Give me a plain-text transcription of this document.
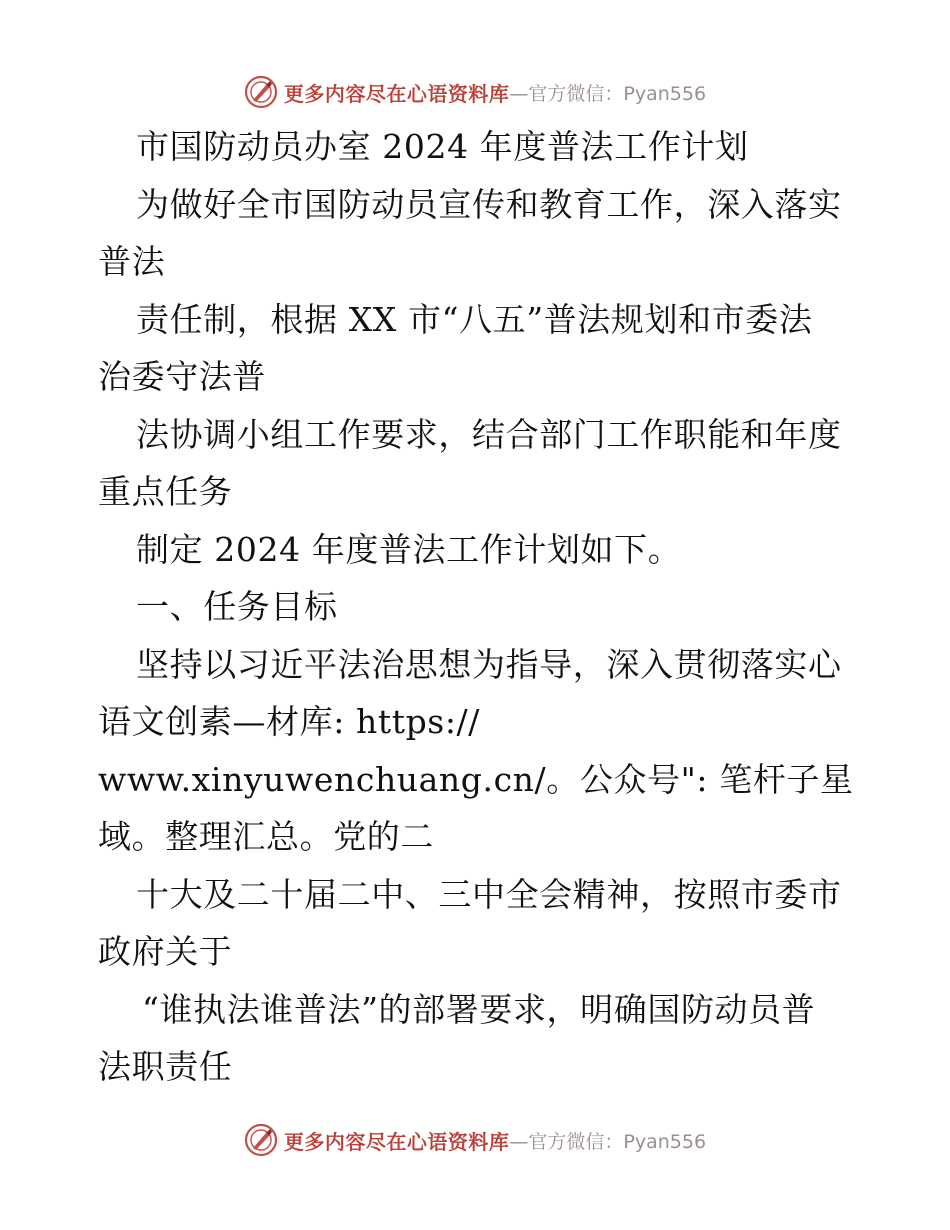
更多内容尽在心语资料库 —官方微信：Pyan556
市国防动员办室 2024 年度普法工作计划
为做好全市国防动员宣传和教育工作，深入落实
普法
责任制，根据 XX 市“八五”普法规划和市委法
治委守法普
法协调小组工作要求，结合部门工作职能和年度
重点任务
制定 2024 年度普法工作计划如下。
一、任务目标
坚持以习近平法治思想为指导，深入贯彻落实心
语文创素—材库: https://
www.xinyuwenchuang.cn/。公众号": 笔杆子星
域。整理汇总。党的二
十大及二十届二中、三中全会精神，按照市委市
政府关于
“谁执法谁普法”的部署要求，明确国防动员普
法职责任
更多内容尽在心语资料库 —官方微信：Pyan556
